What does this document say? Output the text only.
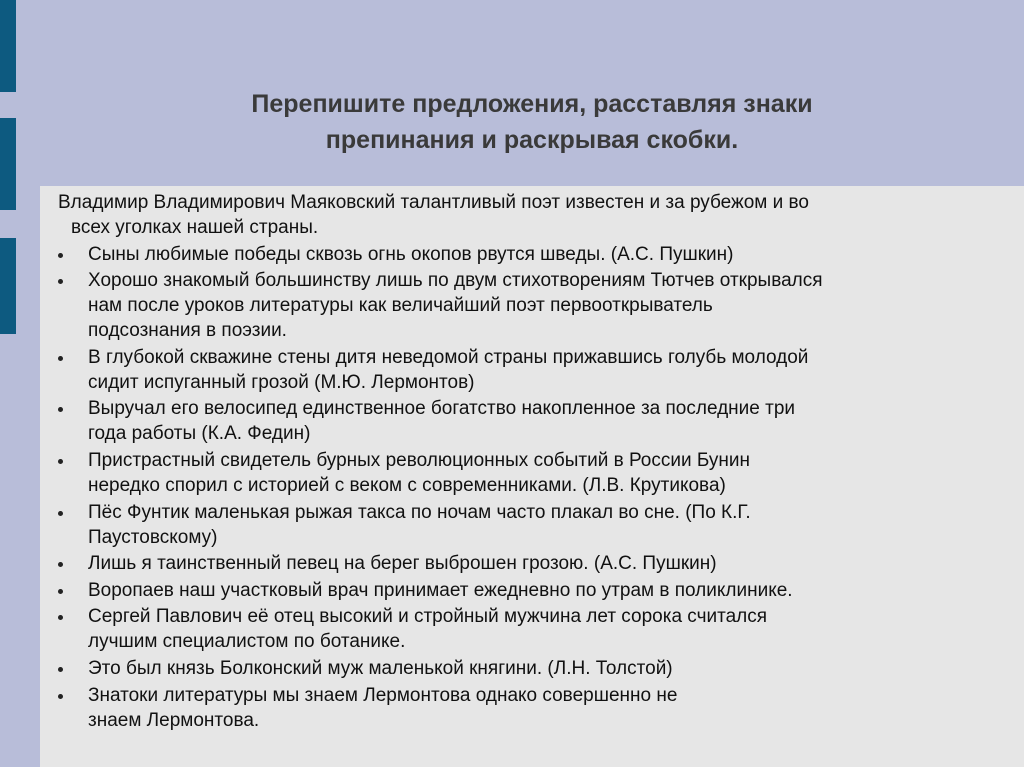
Перепишите предложения, расставляя знаки
препинания и раскрывая скобки.
Владимир Владимирович Маяковский талантливый поэт известен и за рубежом и во
всех уголках нашей страны.
Сыны любимые победы сквозь огнь окопов рвутся шведы. (А.С. Пушкин)
Хорошо знакомый большинству лишь по двум стихотворениям Тютчев открывался
нам после уроков литературы как величайший поэт первооткрыватель
подсознания в поэзии.
В глубокой скважине стены дитя неведомой страны прижавшись голубь молодой
сидит испуганный грозой (М.Ю. Лермонтов)
Выручал его велосипед единственное богатство накопленное за последние три
года работы (К.А. Федин)
Пристрастный свидетель бурных революционных событий в России Бунин
нередко спорил с историей с веком с современниками. (Л.В. Крутикова)
Пёс Фунтик маленькая рыжая такса по ночам часто плакал во сне. (По К.Г.
Паустовскому)
Лишь я таинственный певец на берег выброшен грозою. (А.С. Пушкин)
Воропаев наш участковый врач принимает ежедневно по утрам в поликлинике.
Сергей Павлович её отец высокий и стройный мужчина лет сорока считался
лучшим специалистом по ботанике.
Это был князь Болконский муж маленькой княгини. (Л.Н. Толстой)
Знатоки литературы мы знаем Лермонтова однако совершенно не
знаем Лермонтова.
